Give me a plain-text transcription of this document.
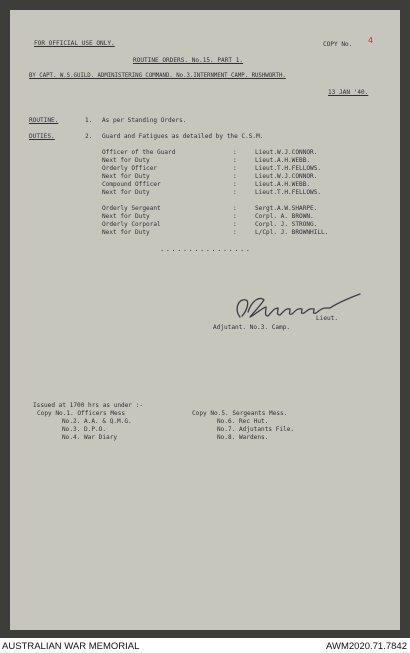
FOR OFFICIAL USE ONLY.	COPY No. 4
ROUTINE ORDERS. No.15. PART 1.
BY CAPT. W.S.GUILD. ADMINISTERING COMMAND. No.3.INTERNMENT CAMP. RUSHWORTH.
13 JAN '40.
ROUTINE.	1. As per Standing Orders.
DUTIES.	2. Guard and Fatigues as detailed by the C.S.M.
Officer of the Guard	:	Lieut.W.J.CONNOR.
Next for Duty	:	Lieut.A.H.WEBB.
Orderly Officer	:	Lieut.T.H.FELLOWS.
Next for Duty	:	Lieut.W.J.CONNOR.
Compound Officer	:	Lieut.A.H.WEBB.
Next for Duty	:	Lieut.T.H.FELLOWS.
Orderly Sergeant	:	Sergt.A.W.SHARPE.
Next for Duty	:	Corpl. A. BROWN.
Orderly Corporal	:	Corpl. J. STRONG.
Next for Duty	:	L/Cpl. J. BROWNHILL.
................
Lieut.
Adjutant. No.3. Camp.
Issued at 1700 hrs as under :-
Copy No.1. Officers Mess
No.2. A.A. & Q.M.G.
No.3. D.P.O.
No.4. War Diary
Copy No.5. Sergeants Mess.
No.6. Rec Hut.
No.7. Adjutants File.
No.8. Wardens.
AUSTRALIAN WAR MEMORIAL	AWM2020.71.7842
